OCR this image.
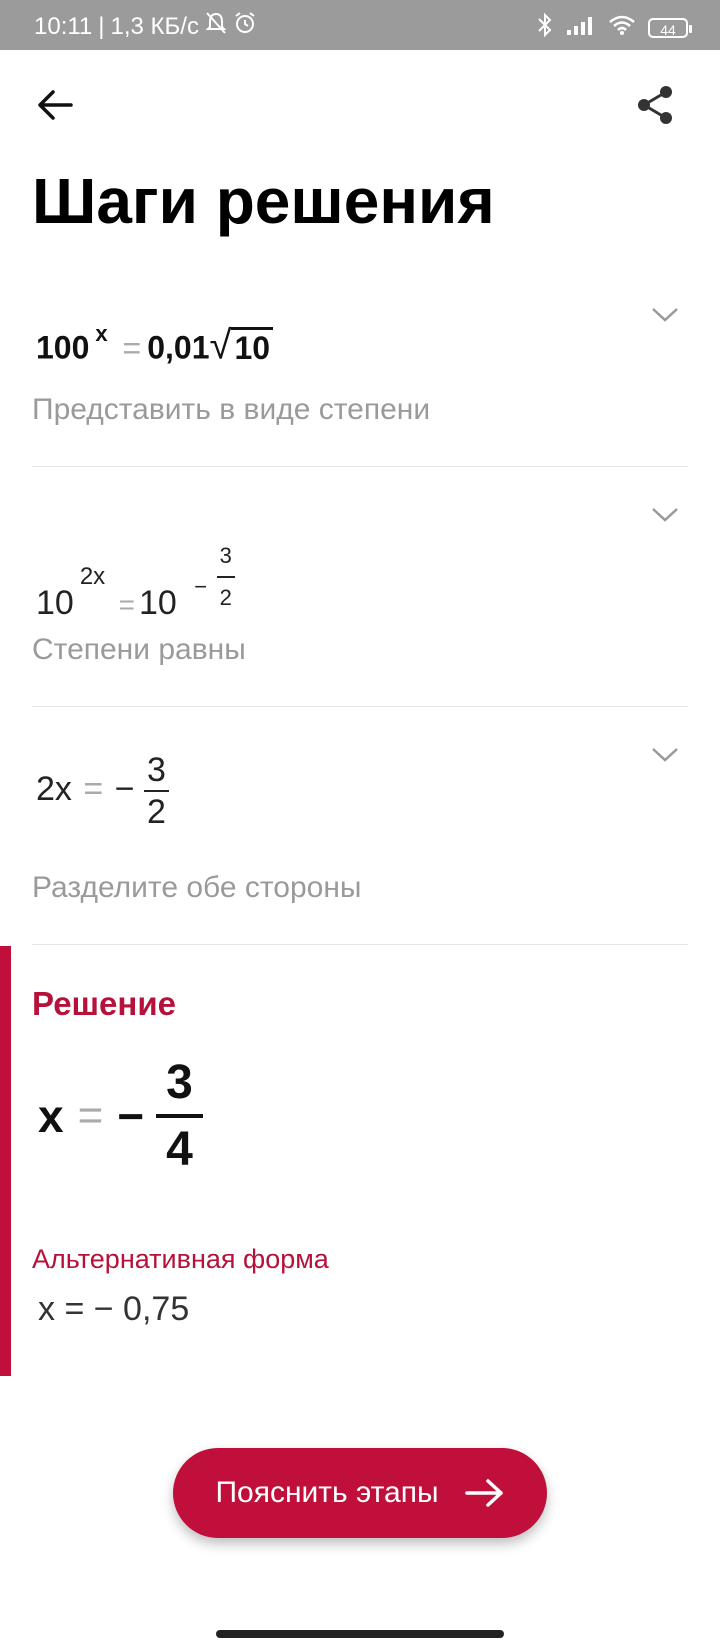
10:11 | 1,3 КБ/с	44
Шаги решения
100 $^x$ = 0,01√10
Представить в виде степени
$10_{2x}$ $_=$ 10 $_- \frac{3}{2}$
Степени равны
2x = − $\frac{3}{2}$
Разделите обе стороны
Решение
x = − $\frac{3}{4}$
Альтернативная форма
x = − 0,75
Пояснить этапы
